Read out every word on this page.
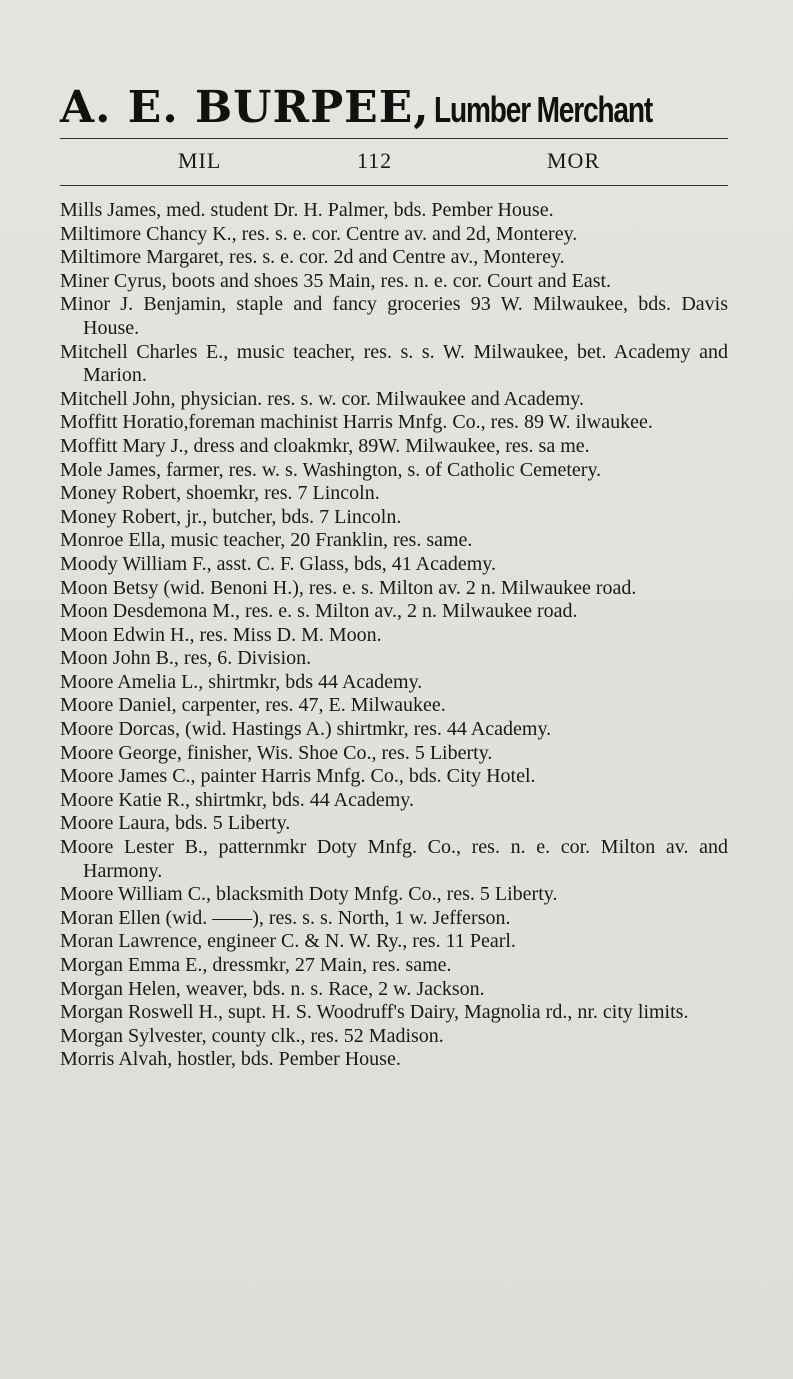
A. E. BURPEE, Lumber Merchant
MIL	112	MOR

Mills James, med. student Dr. H. Palmer, bds. Pember House.

Miltimore Chancy K., res. s. e. cor. Centre av. and 2d, Monterey.

Miltimore Margaret, res. s. e. cor. 2d and Centre av., Monterey.

Miner Cyrus, boots and shoes 35 Main, res. n. e. cor. Court and East.

Minor J. Benjamin, staple and fancy groceries 93 W. Milwaukee, bds. Davis House.

Mitchell Charles E., music teacher, res. s. s. W. Milwaukee, bet. Academy and Marion.

Mitchell John, physician. res. s. w. cor. Milwaukee and Academy.

Moffitt Horatio,foreman machinist Harris Mnfg. Co., res. 89 W. ilwaukee.

Moffitt Mary J., dress and cloakmkr, 89W. Milwaukee, res. sa me.

Mole James, farmer, res. w. s. Washington, s. of Catholic Cemetery.

Money Robert, shoemkr, res. 7 Lincoln.

Money Robert, jr., butcher, bds. 7 Lincoln.

Monroe Ella, music teacher, 20 Franklin, res. same.

Moody William F., asst. C. F. Glass, bds, 41 Academy.

Moon Betsy (wid. Benoni H.), res. e. s. Milton av. 2 n. Milwaukee road.

Moon Desdemona M., res. e. s. Milton av., 2 n. Milwaukee road.

Moon Edwin H., res. Miss D. M. Moon.

Moon John B., res, 6. Division.

Moore Amelia L., shirtmkr, bds 44 Academy.

Moore Daniel, carpenter, res. 47, E. Milwaukee.

Moore Dorcas, (wid. Hastings A.) shirtmkr, res. 44 Academy.

Moore George, finisher, Wis. Shoe Co., res. 5 Liberty.

Moore James C., painter Harris Mnfg. Co., bds. City Hotel.

Moore Katie R., shirtmkr, bds. 44 Academy.

Moore Laura, bds. 5 Liberty.

Moore Lester B., patternmkr Doty Mnfg. Co., res. n. e. cor. Milton av. and Harmony.

Moore William C., blacksmith Doty Mnfg. Co., res. 5 Liberty.

Moran Ellen (wid. ——), res. s. s. North, 1 w. Jefferson.

Moran Lawrence, engineer C. & N. W. Ry., res. 11 Pearl.

Morgan Emma E., dressmkr, 27 Main, res. same.

Morgan Helen, weaver, bds. n. s. Race, 2 w. Jackson.

Morgan Roswell H., supt. H. S. Woodruff's Dairy, Magnolia rd., nr. city limits.

Morgan Sylvester, county clk., res. 52 Madison.

Morris Alvah, hostler, bds. Pember House.
